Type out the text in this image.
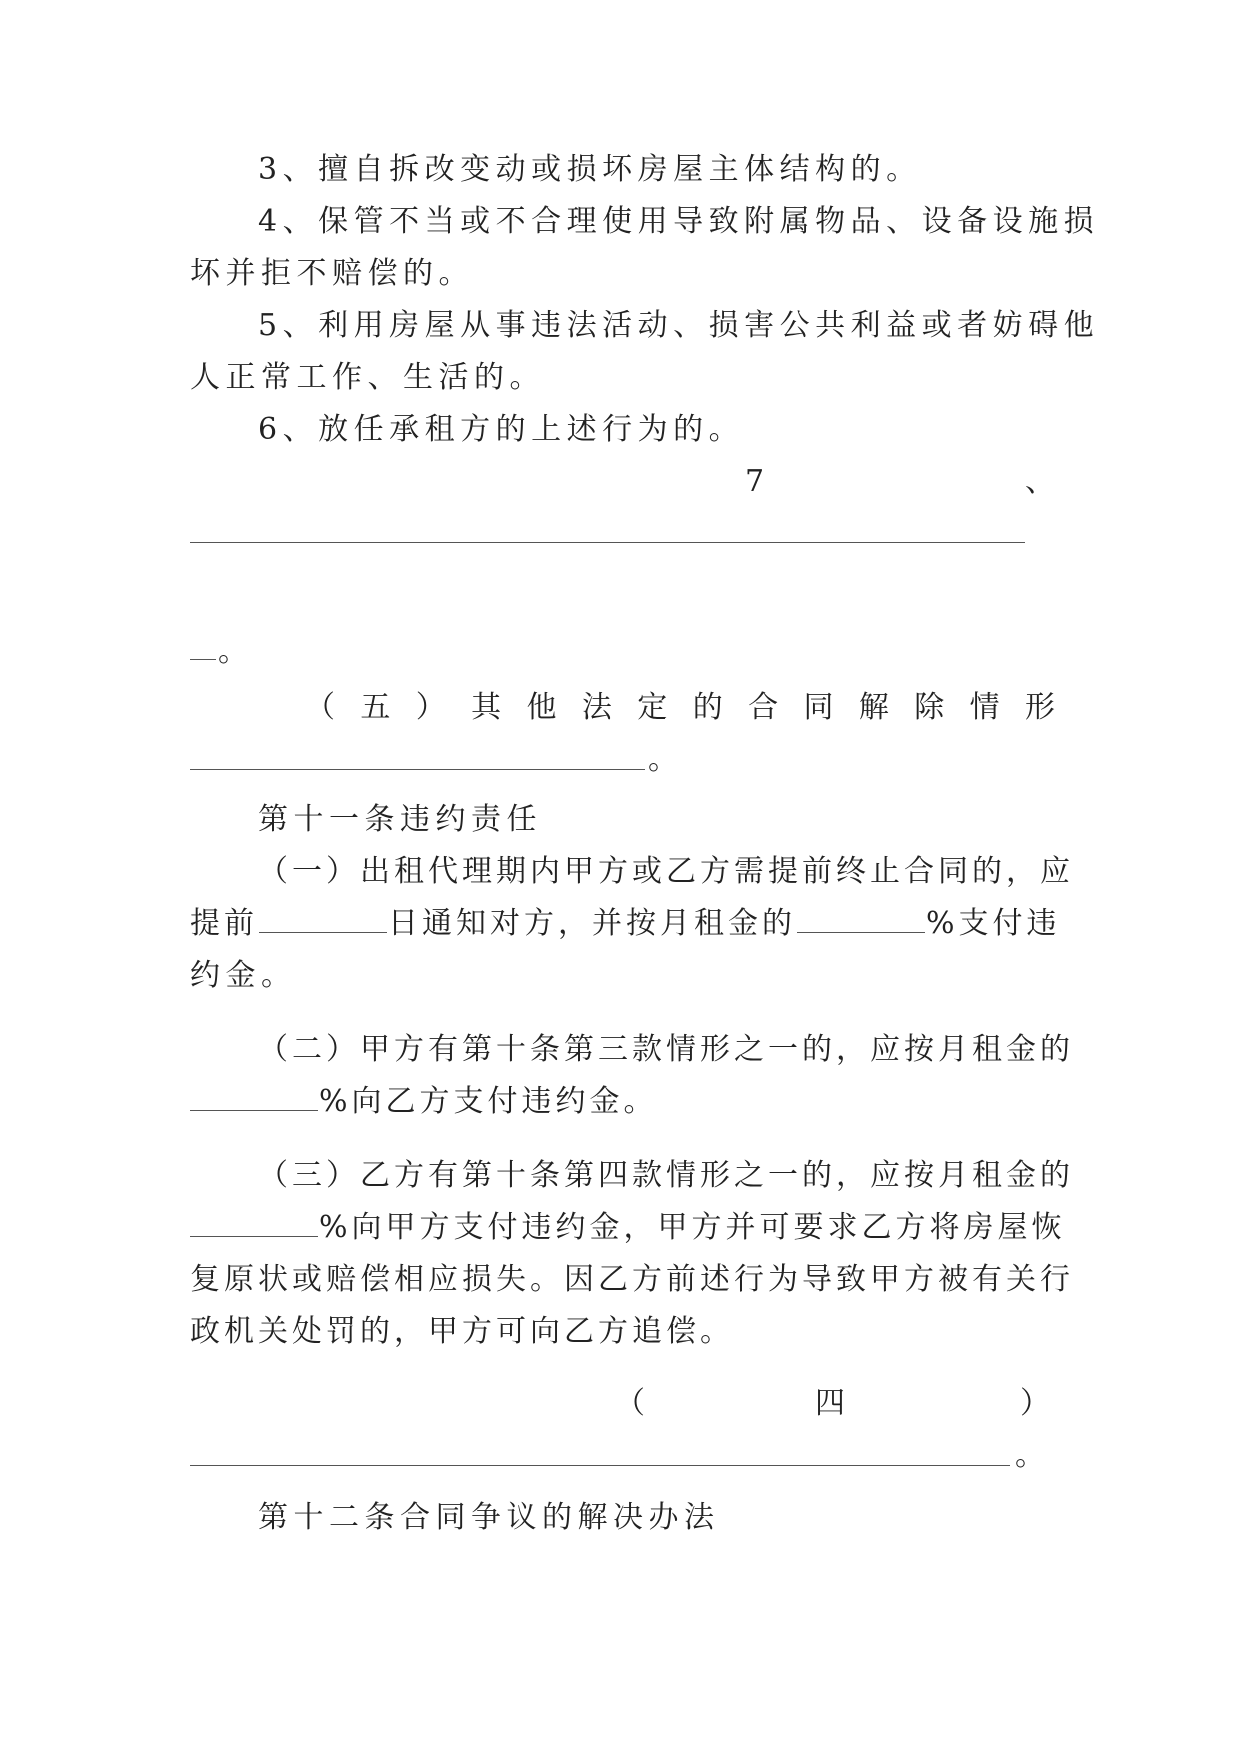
3、擅自拆改变动或损坏房屋主体结构的。
4、保管不当或不合理使用导致附属物品、设备设施损
坏并拒不赔偿的。
5、利用房屋从事违法活动、损害公共利益或者妨碍他
人正常工作、生活的。
6、放任承租方的上述行为的。
7	、
。
（五）其他法定的合同解除情形
。
第十一条违约责任
（一）出租代理期内甲方或乙方需提前终止合同的，应
提前	日通知对方，并按月租金的	%支付违
约金。
（二）甲方有第十条第三款情形之一的，应按月租金的
%向乙方支付违约金。
（三）乙方有第十条第四款情形之一的，应按月租金的
%向甲方支付违约金，甲方并可要求乙方将房屋恢
复原状或赔偿相应损失。因乙方前述行为导致甲方被有关行
政机关处罚的，甲方可向乙方追偿。
（	四	）
。
第十二条合同争议的解决办法
